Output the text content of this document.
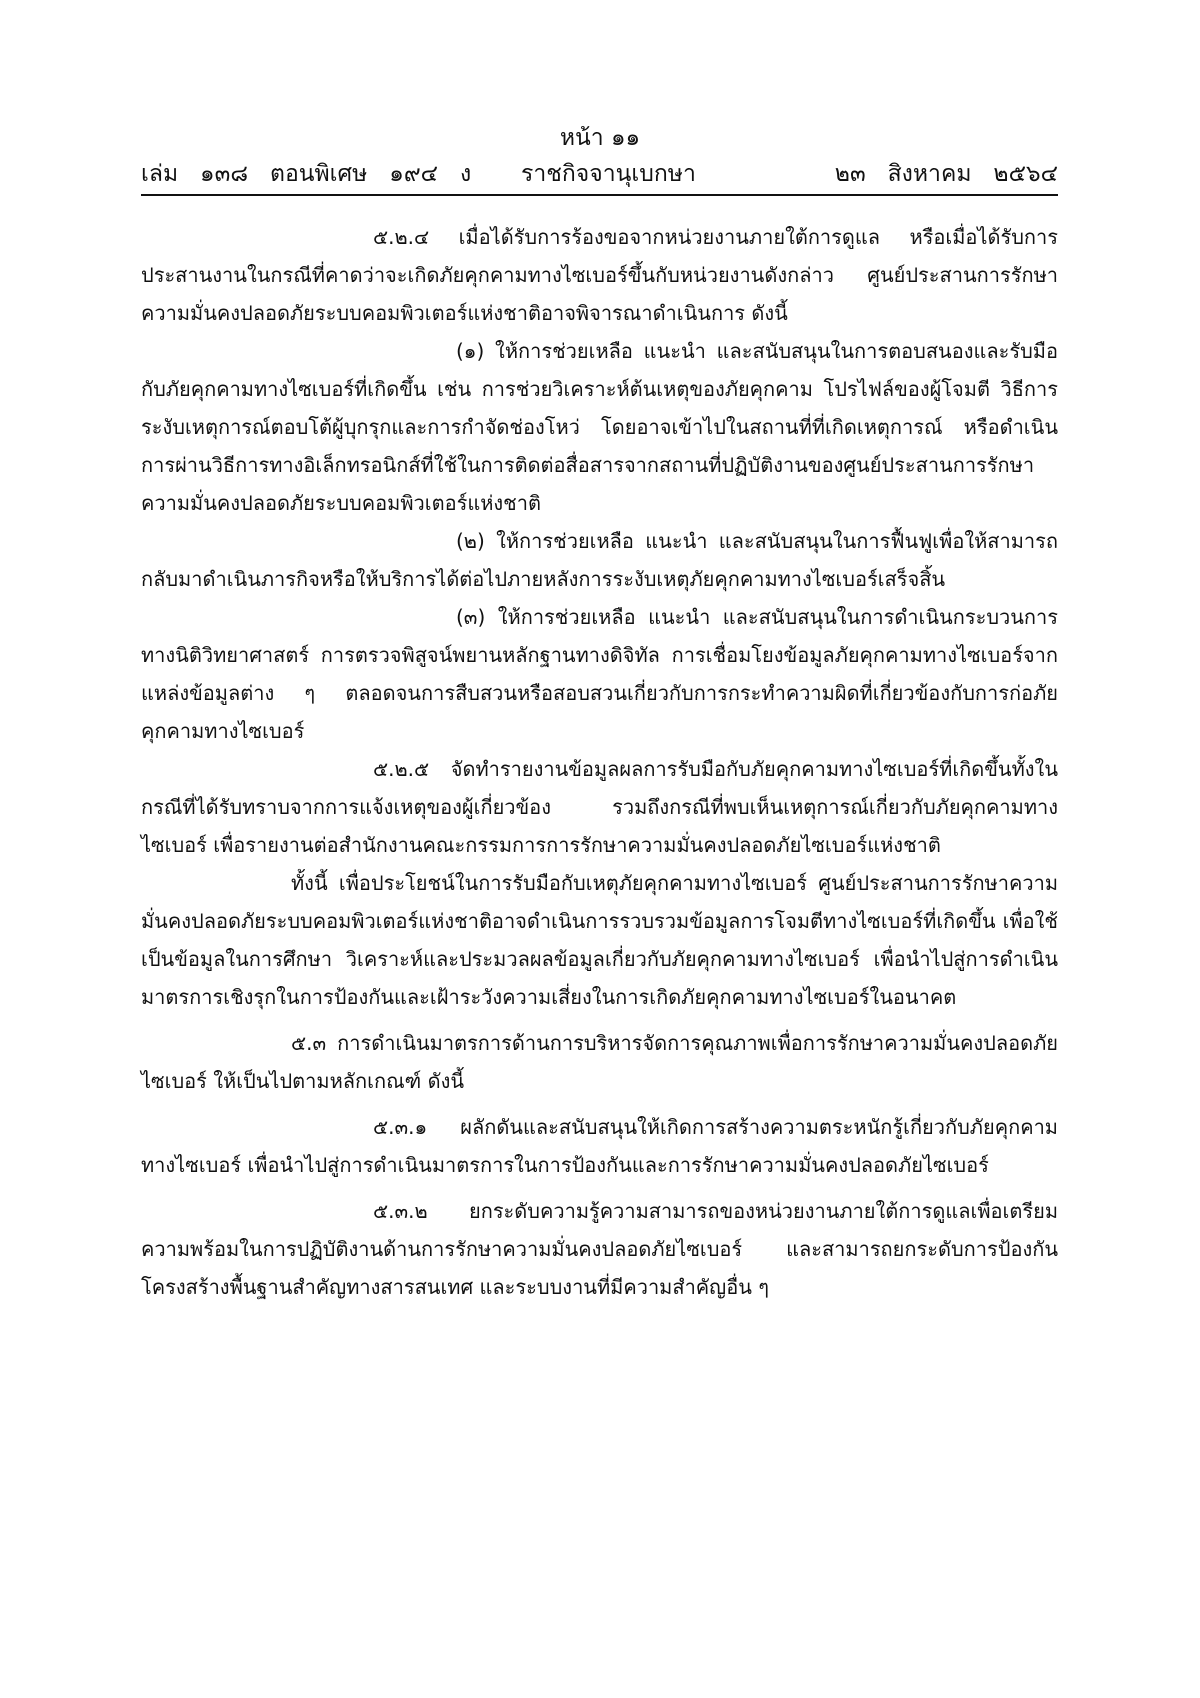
หน้า ๑๑
เล่ม   ๑๓๘   ตอนพิเศษ   ๑๙๔   ง ราชกิจจานุเบกษา	๒๓   สิงหาคม   ๒๕๖๔

๕.๒.๔ เมื่อได้รับการร้องขอจากหน่วยงานภายใต้การดูแล หรือเมื่อได้รับการประสานงานในกรณีที่คาดว่าจะเกิดภัยคุกคามทางไซเบอร์ขึ้นกับหน่วยงานดังกล่าว ศูนย์ประสานการรักษาความมั่นคงปลอดภัยระบบคอมพิวเตอร์แห่งชาติอาจพิจารณาดำเนินการ ดังนี้

(๑) ให้การช่วยเหลือ แนะนำ และสนับสนุนในการตอบสนองและรับมือกับภัยคุกคามทางไซเบอร์ที่เกิดขึ้น เช่น การช่วยวิเคราะห์ต้นเหตุของภัยคุกคาม โปรไฟล์ของผู้โจมตี วิธีการระงับเหตุการณ์ตอบโต้ผู้บุกรุกและการกำจัดช่องโหว่ โดยอาจเข้าไปในสถานที่ที่เกิดเหตุการณ์ หรือดำเนินการผ่านวิธีการทางอิเล็กทรอนิกส์ที่ใช้ในการติดต่อสื่อสารจากสถานที่ปฏิบัติงานของศูนย์ประสานการรักษาความมั่นคงปลอดภัยระบบคอมพิวเตอร์แห่งชาติ

(๒) ให้การช่วยเหลือ แนะนำ และสนับสนุนในการฟื้นฟูเพื่อให้สามารถกลับมาดำเนินภารกิจหรือให้บริการได้ต่อไปภายหลังการระงับเหตุภัยคุกคามทางไซเบอร์เสร็จสิ้น

(๓) ให้การช่วยเหลือ แนะนำ และสนับสนุนในการดำเนินกระบวนการทางนิติวิทยาศาสตร์ การตรวจพิสูจน์พยานหลักฐานทางดิจิทัล การเชื่อมโยงข้อมูลภัยคุกคามทางไซเบอร์จากแหล่งข้อมูลต่าง ๆ ตลอดจนการสืบสวนหรือสอบสวนเกี่ยวกับการกระทำความผิดที่เกี่ยวข้องกับการก่อภัยคุกคามทางไซเบอร์

๕.๒.๕ จัดทำรายงานข้อมูลผลการรับมือกับภัยคุกคามทางไซเบอร์ที่เกิดขึ้นทั้งในกรณีที่ได้รับทราบจากการแจ้งเหตุของผู้เกี่ยวข้อง รวมถึงกรณีที่พบเห็นเหตุการณ์เกี่ยวกับภัยคุกคามทางไซเบอร์ เพื่อรายงานต่อสำนักงานคณะกรรมการการรักษาความมั่นคงปลอดภัยไซเบอร์แห่งชาติ

ทั้งนี้ เพื่อประโยชน์ในการรับมือกับเหตุภัยคุกคามทางไซเบอร์ ศูนย์ประสานการรักษาความมั่นคงปลอดภัยระบบคอมพิวเตอร์แห่งชาติอาจดำเนินการรวบรวมข้อมูลการโจมตีทางไซเบอร์ที่เกิดขึ้น เพื่อใช้เป็นข้อมูลในการศึกษา วิเคราะห์และประมวลผลข้อมูลเกี่ยวกับภัยคุกคามทางไซเบอร์ เพื่อนำไปสู่การดำเนินมาตรการเชิงรุกในการป้องกันและเฝ้าระวังความเสี่ยงในการเกิดภัยคุกคามทางไซเบอร์ในอนาคต

๕.๓ การดำเนินมาตรการด้านการบริหารจัดการคุณภาพเพื่อการรักษาความมั่นคงปลอดภัยไซเบอร์ ให้เป็นไปตามหลักเกณฑ์ ดังนี้

๕.๓.๑ ผลักดันและสนับสนุนให้เกิดการสร้างความตระหนักรู้เกี่ยวกับภัยคุกคามทางไซเบอร์ เพื่อนำไปสู่การดำเนินมาตรการในการป้องกันและการรักษาความมั่นคงปลอดภัยไซเบอร์

๕.๓.๒ ยกระดับความรู้ความสามารถของหน่วยงานภายใต้การดูแลเพื่อเตรียมความพร้อมในการปฏิบัติงานด้านการรักษาความมั่นคงปลอดภัยไซเบอร์ และสามารถยกระดับการป้องกันโครงสร้างพื้นฐานสำคัญทางสารสนเทศ และระบบงานที่มีความสำคัญอื่น ๆ
